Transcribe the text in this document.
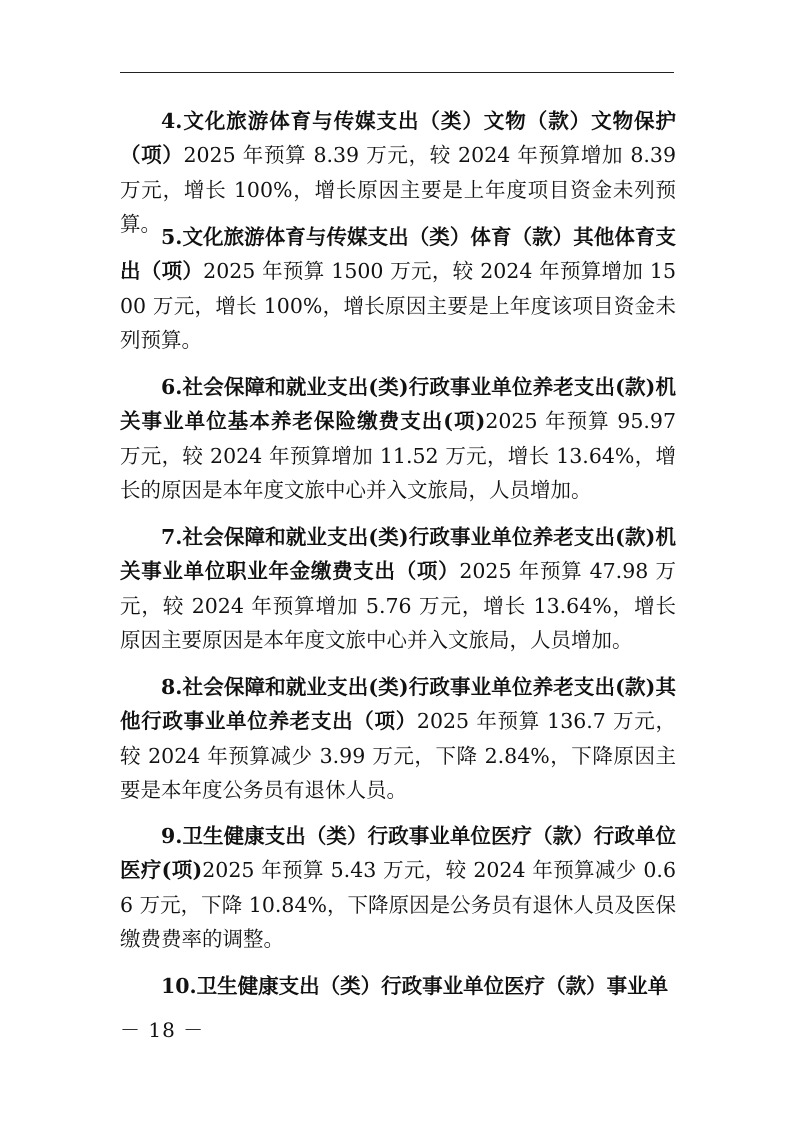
4.文化旅游体育与传媒支出（类）文物（款）文物保护（项）2025 年预算 8.39 万元，较 2024 年预算增加 8.39 万元，增长 100%，增长原因主要是上年度项目资金未列预算。

5.文化旅游体育与传媒支出（类）体育（款）其他体育支出（项）2025 年预算 1500 万元，较 2024 年预算增加 1500 万元，增长 100%，增长原因主要是上年度该项目资金未列预算。

6.社会保障和就业支出(类)行政事业单位养老支出(款)机关事业单位基本养老保险缴费支出(项)2025 年预算 95.97 万元，较 2024 年预算增加 11.52 万元，增长 13.64%，增长的原因是本年度文旅中心并入文旅局，人员增加。

7.社会保障和就业支出(类)行政事业单位养老支出(款)机关事业单位职业年金缴费支出（项）2025 年预算 47.98 万元，较 2024 年预算增加 5.76 万元，增长 13.64%，增长原因主要原因是本年度文旅中心并入文旅局，人员增加。

8.社会保障和就业支出(类)行政事业单位养老支出(款)其他行政事业单位养老支出（项）2025 年预算 136.7 万元，较 2024 年预算减少 3.99 万元，下降 2.84%，下降原因主要是本年度公务员有退休人员。

9.卫生健康支出（类）行政事业单位医疗（款）行政单位医疗(项)2025 年预算 5.43 万元，较 2024 年预算减少 0.66 万元，下降 10.84%，下降原因是公务员有退休人员及医保缴费费率的调整。

10.卫生健康支出（类）行政事业单位医疗（款）事业单

－ 18 －
